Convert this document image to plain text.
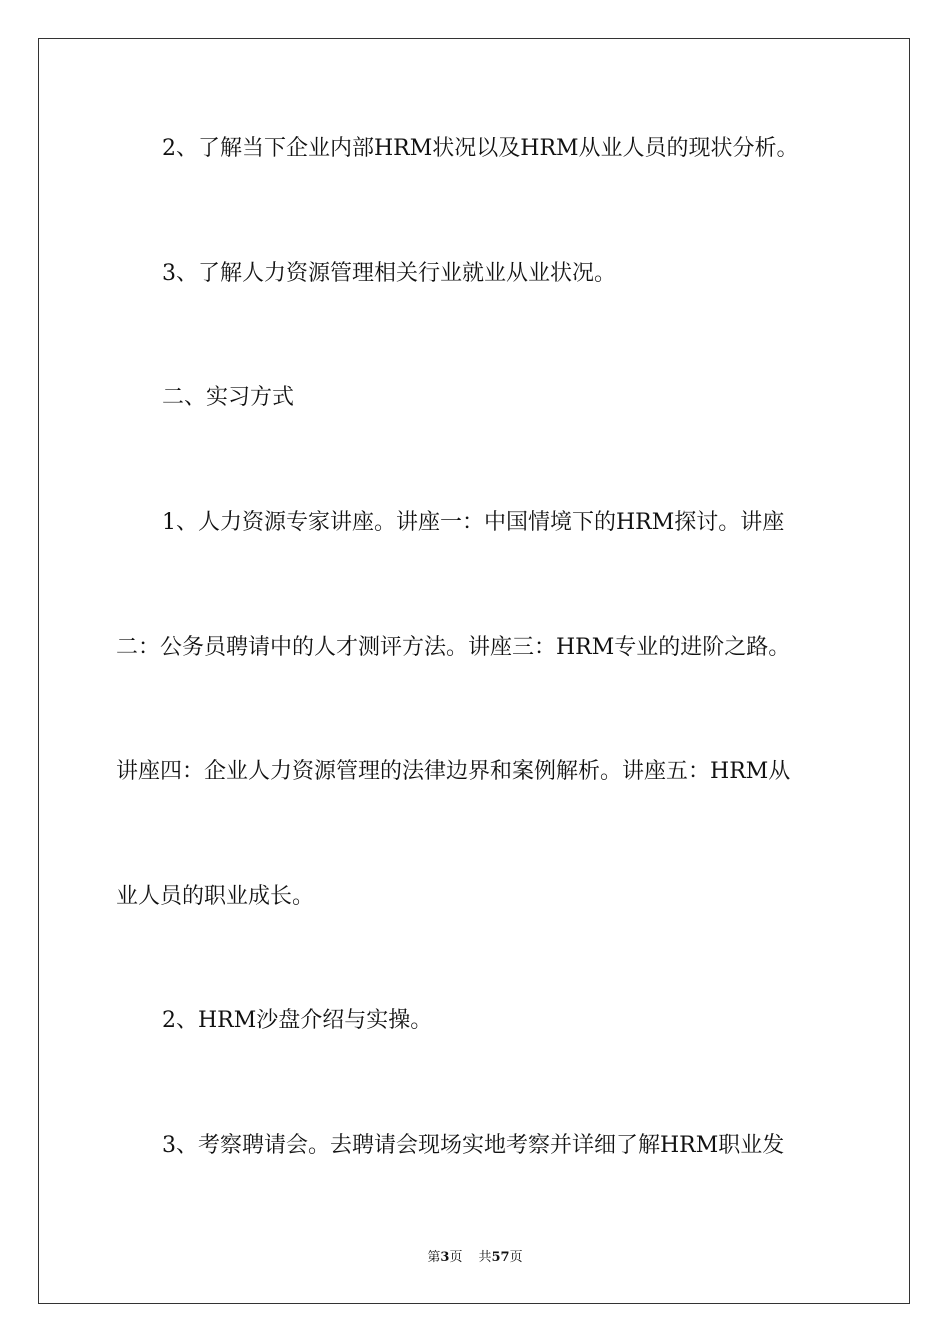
2、了解当下企业内部HRM状况以及HRM从业人员的现状分析。
3、了解人力资源管理相关行业就业从业状况。
二、实习方式
1、人力资源专家讲座。讲座一：中国情境下的HRM探讨。讲座
二：公务员聘请中的人才测评方法。讲座三：HRM专业的进阶之路。
讲座四：企业人力资源管理的法律边界和案例解析。讲座五：HRM从
业人员的职业成长。
2、HRM沙盘介绍与实操。
3、考察聘请会。去聘请会现场实地考察并详细了解HRM职业发
第3页 共57页
